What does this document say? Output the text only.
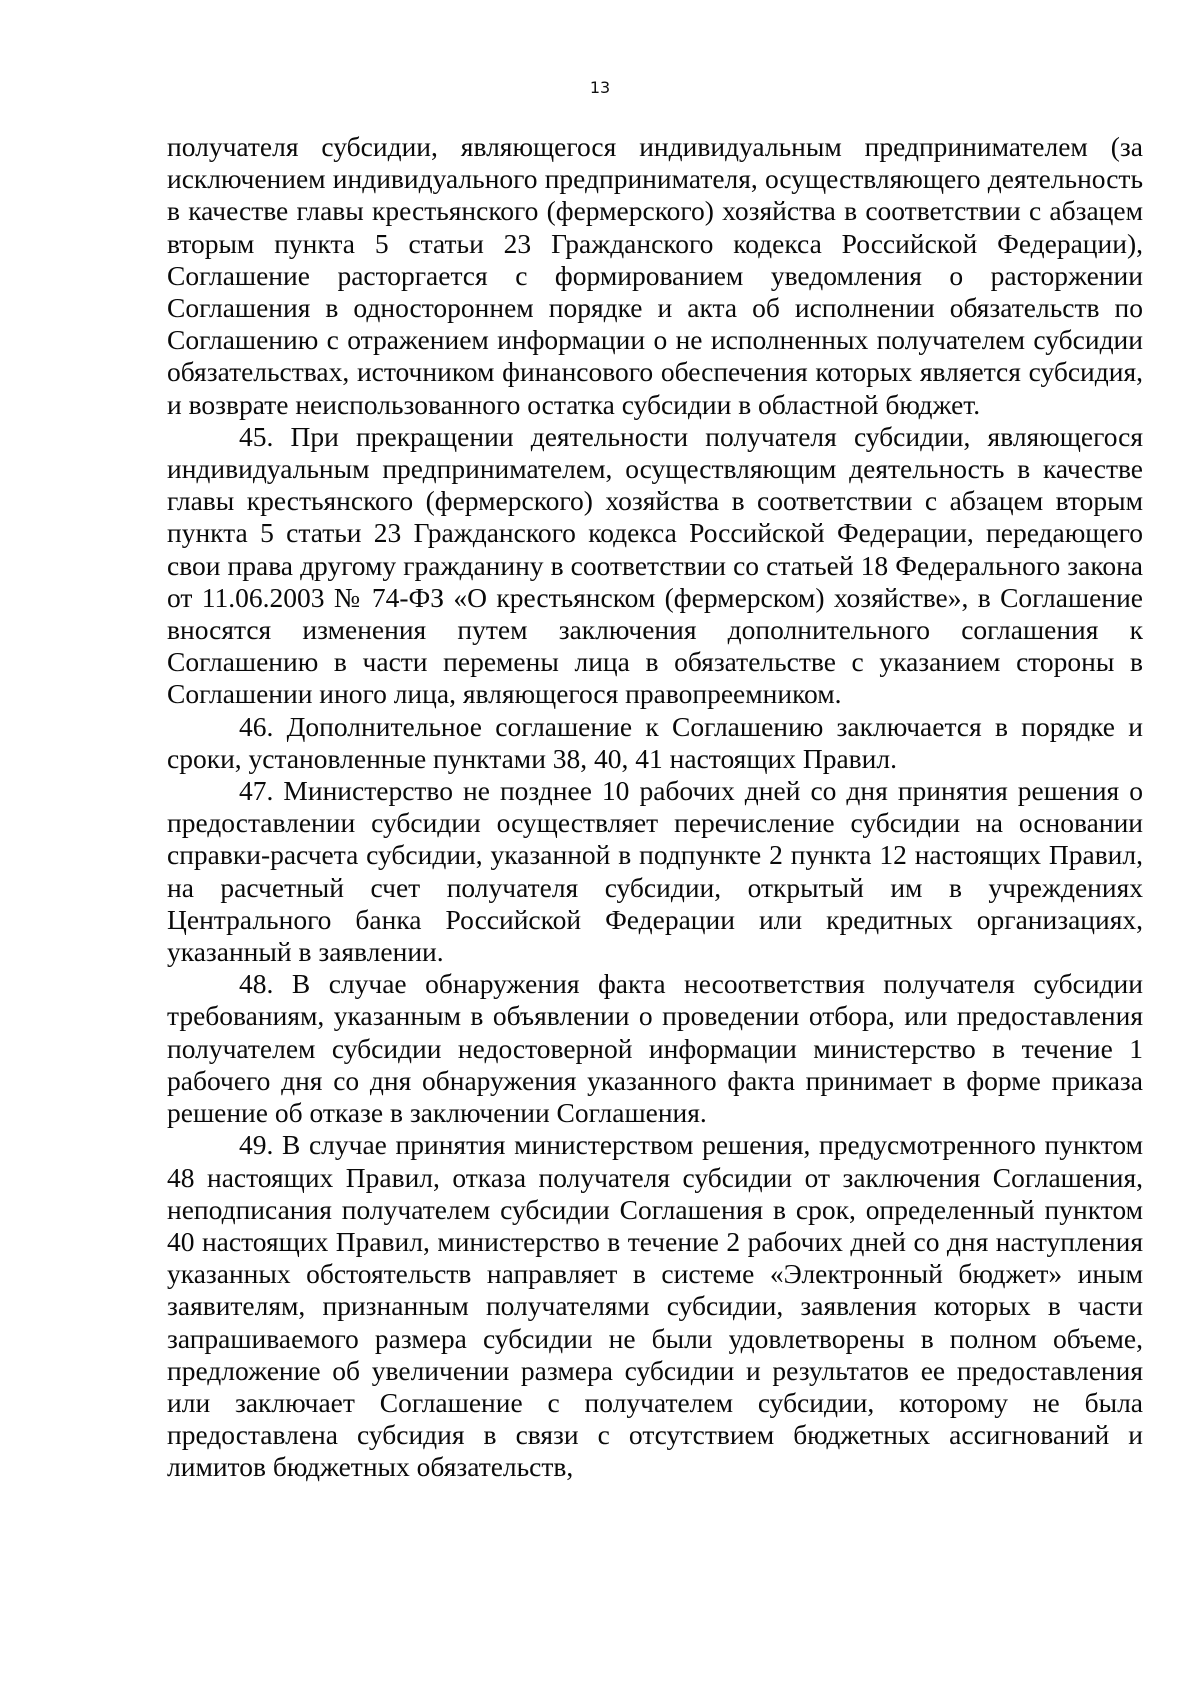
13

получателя субсидии, являющегося индивидуальным предпринимателем (за исключением индивидуального предпринимателя, осуществляющего деятельность в качестве главы крестьянского (фермерского) хозяйства в соответствии с абзацем вторым пункта 5 статьи 23 Гражданского кодекса Российской Федерации), Соглашение расторгается с формированием уведомления о расторжении Соглашения в одностороннем порядке и акта об исполнении обязательств по Соглашению с отражением информации о не исполненных получателем субсидии обязательствах, источником финансового обеспечения которых является субсидия, и возврате неиспользованного остатка субсидии в областной бюджет.

45. При прекращении деятельности получателя субсидии, являющегося индивидуальным предпринимателем, осуществляющим деятельность в качестве главы крестьянского (фермерского) хозяйства в соответствии с абзацем вторым пункта 5 статьи 23 Гражданского кодекса Российской Федерации, передающего свои права другому гражданину в соответствии со статьей 18 Федерального закона от 11.06.2003 № 74-ФЗ «О крестьянском (фермерском) хозяйстве», в Соглашение вносятся изменения путем заключения дополнительного соглашения к Соглашению в части перемены лица в обязательстве с указанием стороны в Соглашении иного лица, являющегося правопреемником.

46. Дополнительное соглашение к Соглашению заключается в порядке и сроки, установленные пунктами 38, 40, 41 настоящих Правил.

47. Министерство не позднее 10 рабочих дней со дня принятия решения о предоставлении субсидии осуществляет перечисление субсидии на основании справки-расчета субсидии, указанной в подпункте 2 пункта 12 настоящих Правил, на расчетный счет получателя субсидии, открытый им в учреждениях Центрального банка Российской Федерации или кредитных организациях, указанный в заявлении.

48. В случае обнаружения факта несоответствия получателя субсидии требованиям, указанным в объявлении о проведении отбора, или предоставления получателем субсидии недостоверной информации министерство в течение 1 рабочего дня со дня обнаружения указанного факта принимает в форме приказа решение об отказе в заключении Соглашения.

49. В случае принятия министерством решения, предусмотренного пунктом 48 настоящих Правил, отказа получателя субсидии от заключения Соглашения, неподписания получателем субсидии Соглашения в срок, определенный пунктом 40 настоящих Правил, министерство в течение 2 рабочих дней со дня наступления указанных обстоятельств направляет в системе «Электронный бюджет» иным заявителям, признанным получателями субсидии, заявления которых в части запрашиваемого размера субсидии не были удовлетворены в полном объеме, предложение об увеличении размера субсидии и результатов ее предоставления или заключает Соглашение с получателем субсидии, которому не была предоставлена субсидия в связи с отсутствием бюджетных ассигнований и лимитов бюджетных обязательств,
